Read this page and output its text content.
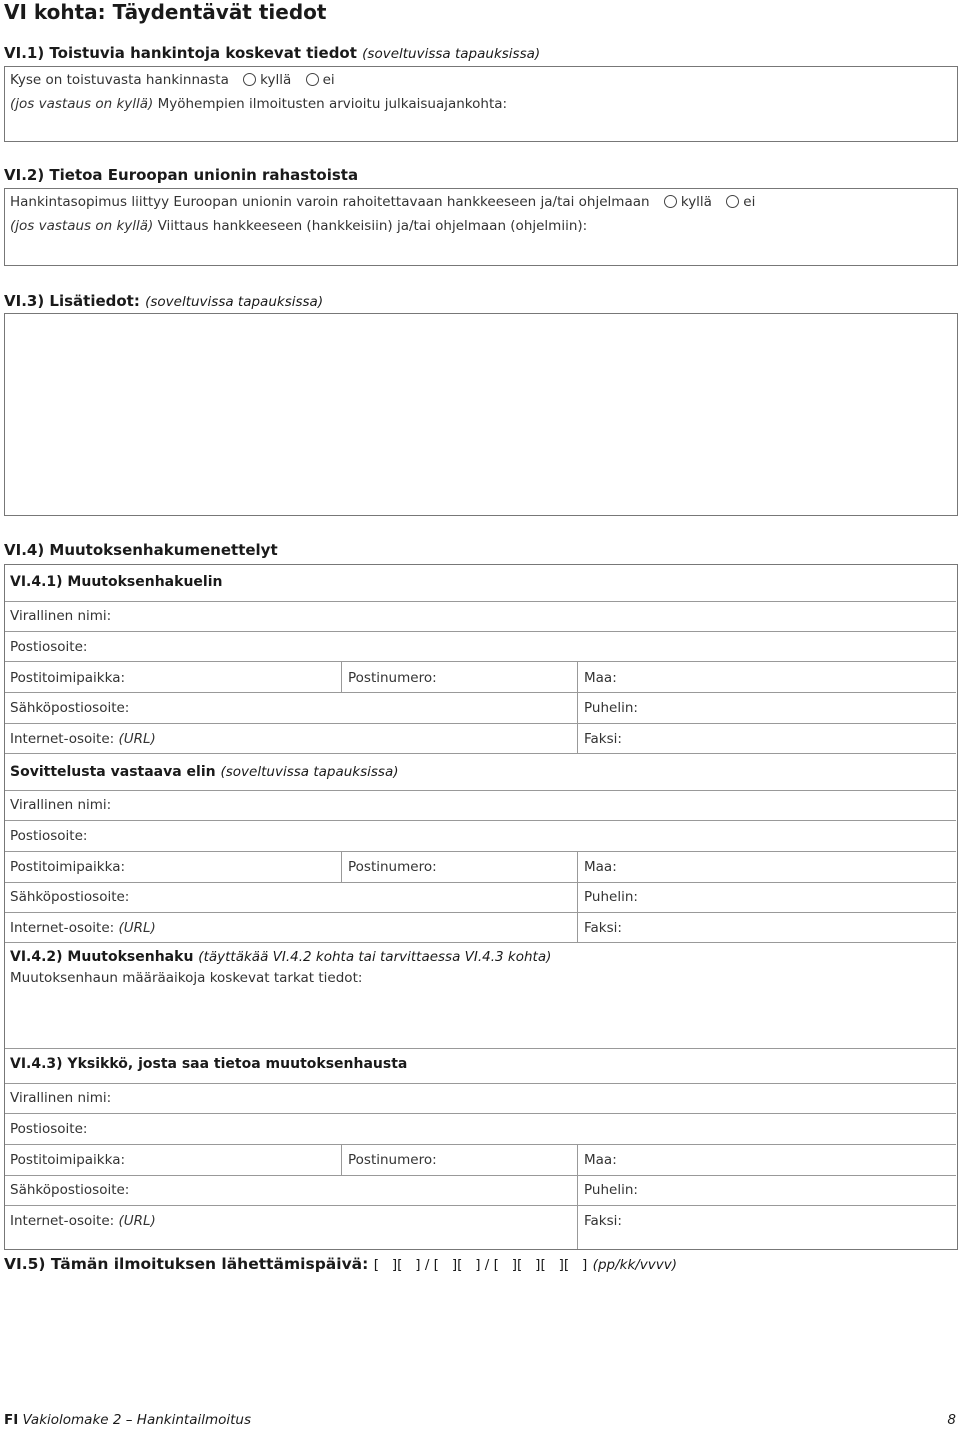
VI kohta: Täydentävät tiedot
VI.1) Toistuvia hankintoja koskevat tiedot (soveltuvissa tapauksissa)
Kyse on toistuvasta hankinnasta kyllä ei
(jos vastaus on kyllä) Myöhempien ilmoitusten arvioitu julkaisuajankohta:
VI.2) Tietoa Euroopan unionin rahastoista
Hankintasopimus liittyy Euroopan unionin varoin rahoitettavaan hankkeeseen ja/tai ohjelmaan kyllä ei
(jos vastaus on kyllä) Viittaus hankkeeseen (hankkeisiin) ja/tai ohjelmaan (ohjelmiin):
VI.3) Lisätiedot: (soveltuvissa tapauksissa)
VI.4) Muutoksenhakumenettelyt
VI.4.1) Muutoksenhakuelin
Virallinen nimi:
Postiosoite:
Postitoimipaikka:	Postinumero:	Maa:
Sähköpostiosoite:	Puhelin:
Internet-osoite: (URL)	Faksi:
Sovittelusta vastaava elin (soveltuvissa tapauksissa)
Virallinen nimi:
Postiosoite:
Postitoimipaikka:	Postinumero:	Maa:
Sähköpostiosoite:	Puhelin:
Internet-osoite: (URL)	Faksi:
VI.4.2) Muutoksenhaku (täyttäkää VI.4.2 kohta tai tarvittaessa VI.4.3 kohta)
Muutoksenhaun määräaikoja koskevat tarkat tiedot:
VI.4.3) Yksikkö, josta saa tietoa muutoksenhausta
Virallinen nimi:
Postiosoite:
Postitoimipaikka:	Postinumero:	Maa:
Sähköpostiosoite:	Puhelin:
Internet-osoite: (URL)	Faksi:
VI.5) Tämän ilmoituksen lähettämispäivä: [   ][   ] / [   ][   ] / [   ][   ][   ][   ] (pp/kk/vvvv)
FI Vakiolomake 2 – Hankintailmoitus	8
